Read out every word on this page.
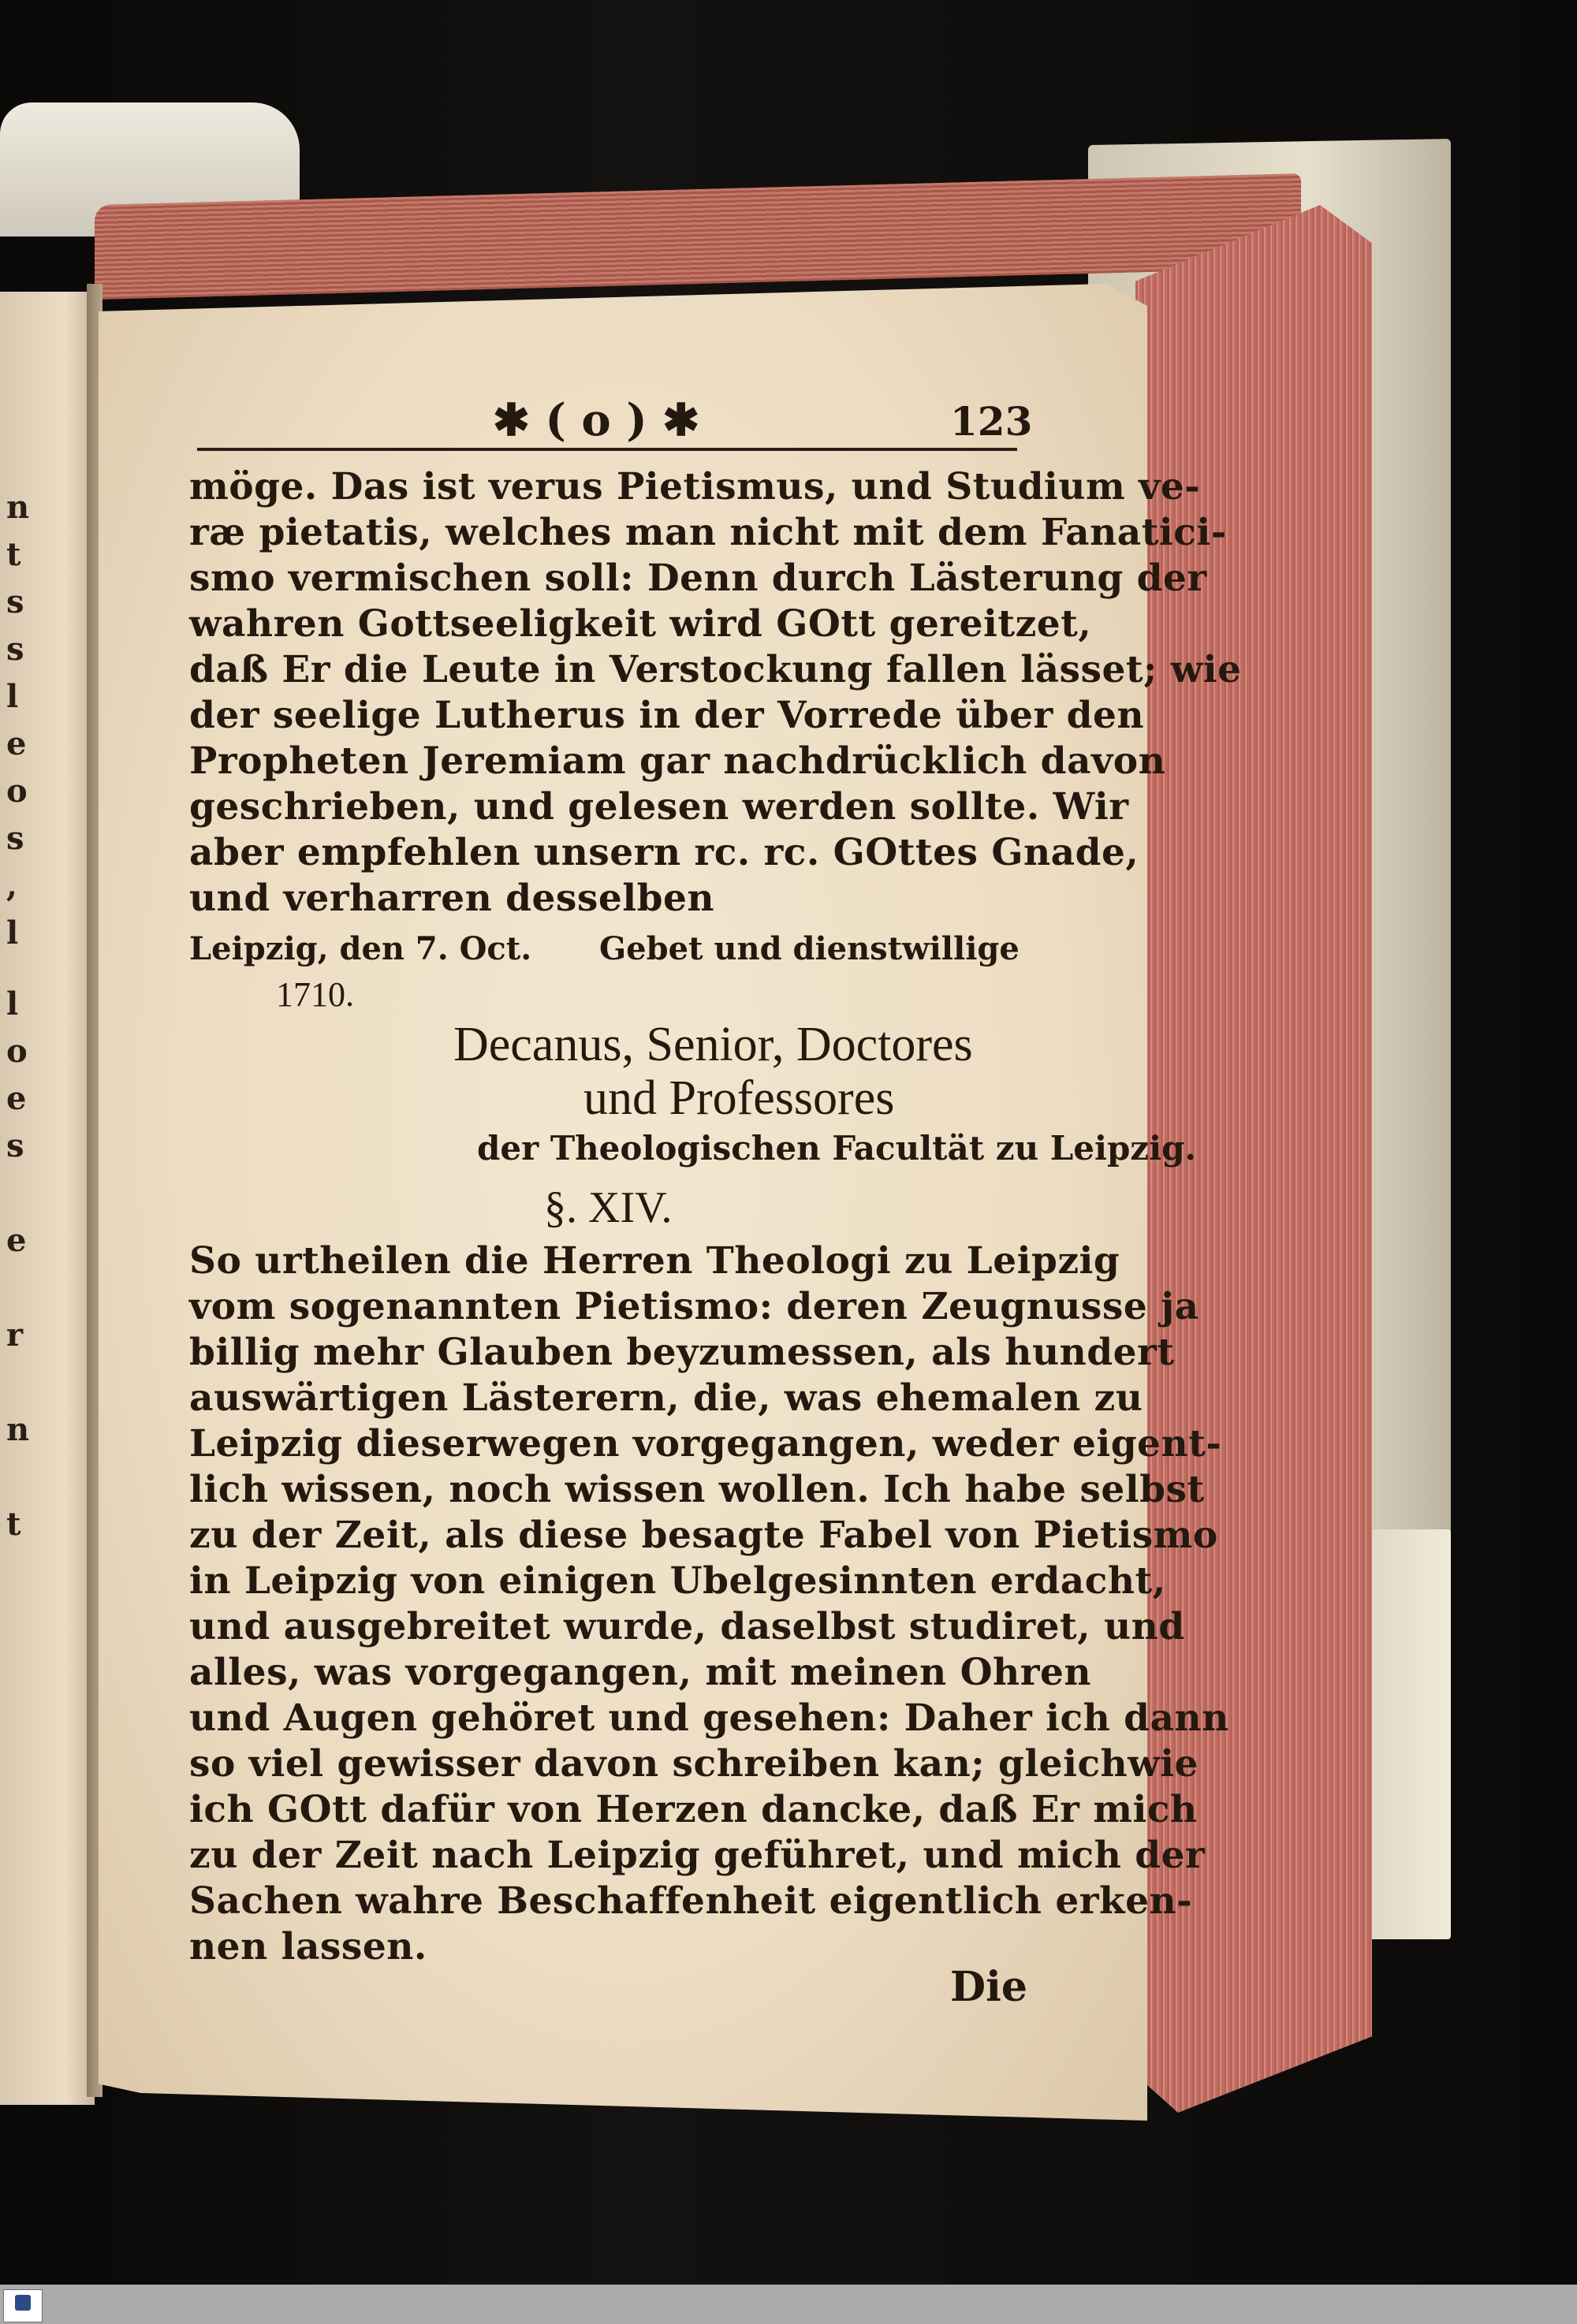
n
t
s
s
l
e
o
s
,
l
l
o
e
s
e
r
n
t
✱ ( o ) ✱	123
möge. Das ist verus Pietismus, und Studium ve-
ræ pietatis, welches man nicht mit dem Fanatici-
smo vermischen soll: Denn durch Lästerung der
wahren Gottseeligkeit wird GOtt gereitzet,
daß Er die Leute in Verstockung fallen lässet; wie
der seelige Lutherus in der Vorrede über den
Propheten Jeremiam gar nachdrücklich davon
geschrieben, und gelesen werden sollte. Wir
aber empfehlen unsern rc. rc. GOttes Gnade,
und verharren desselben
Leipzig, den 7. Oct. Gebet und dienstwillige
1710.
Decanus, Senior, Doctores
und Professores
der Theologischen Facultät zu Leipzig.
§. XIV.
So urtheilen die Herren Theologi zu Leipzig
vom sogenannten Pietismo: deren Zeugnusse ja
billig mehr Glauben beyzumessen, als hundert
auswärtigen Lästerern, die, was ehemalen zu
Leipzig dieserwegen vorgegangen, weder eigent-
lich wissen, noch wissen wollen. Ich habe selbst
zu der Zeit, als diese besagte Fabel von Pietismo
in Leipzig von einigen Ubelgesinnten erdacht,
und ausgebreitet wurde, daselbst studiret, und
alles, was vorgegangen, mit meinen Ohren
und Augen gehöret und gesehen: Daher ich dann
so viel gewisser davon schreiben kan; gleichwie
ich GOtt dafür von Herzen dancke, daß Er mich
zu der Zeit nach Leipzig geführet, und mich der
Sachen wahre Beschaffenheit eigentlich erken-
nen lassen.
Die
